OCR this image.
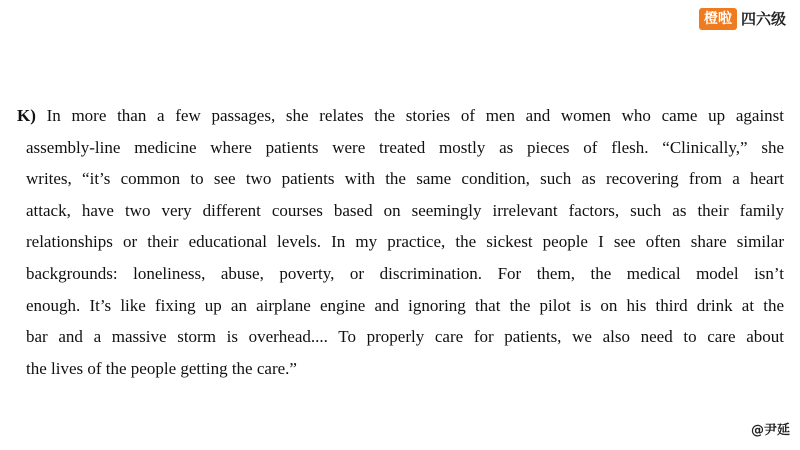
橙啦 四六级
K) In more than a few passages, she relates the stories of men and women who came up against
assembly-line medicine where patients were treated mostly as pieces of flesh. “Clinically,” she
writes, “it’s common to see two patients with the same condition, such as recovering from a heart
attack, have two very different courses based on seemingly irrelevant factors, such as their family
relationships or their educational levels. In my practice, the sickest people I see often share similar
backgrounds: loneliness, abuse, poverty, or discrimination. For them, the medical model isn’t
enough. It’s like fixing up an airplane engine and ignoring that the pilot is on his third drink at the
bar and a massive storm is overhead.... To properly care for patients, we also need to care about
the lives of the people getting the care.”
@尹延
